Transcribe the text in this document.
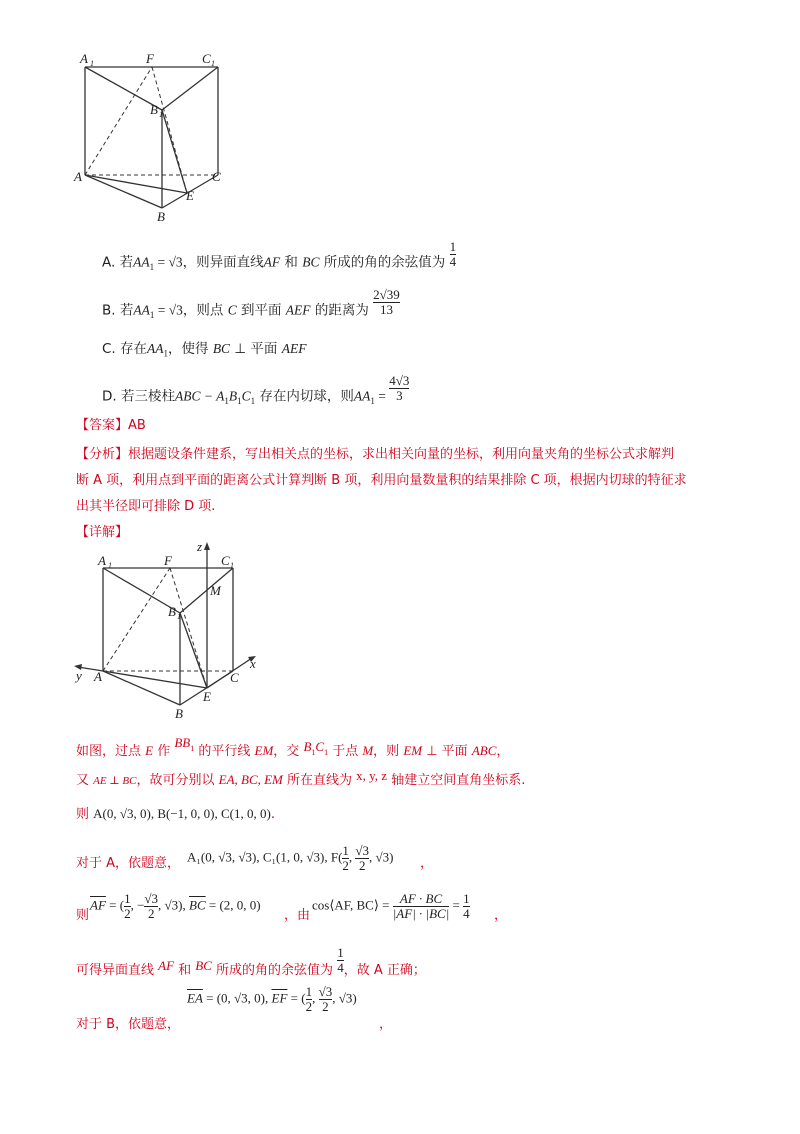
A 1	F	C 1
B 1
A
E
C
B
A. 若$AA_1 = √3$，则异面直线AF 和 BC 所成的角的余弦值为 $\frac{1}{4}$
B. 若$AA_1 = √3$，则点 C 到平面 AEF 的距离为 $\frac{2√39}{13}$
C. 存在$AA_1$，使得 BC ⊥ 平面 AEF
D. 若三棱柱ABC − $A_1B_1C_1$ 存在内切球，则$AA_1 = \frac{4√3}{3}$
【答案】AB
【分析】根据题设条件建系，写出相关点的坐标，求出相关向量的坐标，利用向量夹角的坐标公式求解判
断 A 项，利用点到平面的距离公式计算判断 B 项，利用向量数量积的结果排除 C 项，根据内切球的特征求
出其半径即可排除 D 项.
【详解】
z
A 1	F	C 1
B 1
M
x
y A	C
E
B
如图，过点 E 作 $BB_1$ 的平行线 EM，交 $B_1C_1$ 于点 M，则 EM ⊥ 平面 ABC，
又 AE ⊥ BC，故可分别以 EA, BC, EM 所在直线为 x, y, z 轴建立空间直角坐标系.
则 A(0, √3, 0), B(−1, 0, 0), C(1, 0, 0).
对于 A，依题意， A₁(0, √3, √3), C₁(1, 0, √3), $F( \frac{1}{2}$ , $\frac{√3}{2}$ , √3) ，
则
$\overline{AF}$ = ( $\frac{1}{2}$ , − $\frac{√3}{2}$ , √3), $\overline{BC} = (2$, 0, 0)
，由
cos⟨AF, BC⟩ = $\frac{AF \cdot BC}{|AF| \cdot |BC|} = \frac{1}{4}$ ，
可得异面直线 AF 和 BC 所成的角的余弦值为 $\frac{1}{4}$ ，故 A 正确；
对于 B，依题意，
$\overline{EA} = (0$, √3, 0), $\overline{EF}$ = ( $\frac{1}{2}$ , $\frac{√3}{2}$ , √3)
，
